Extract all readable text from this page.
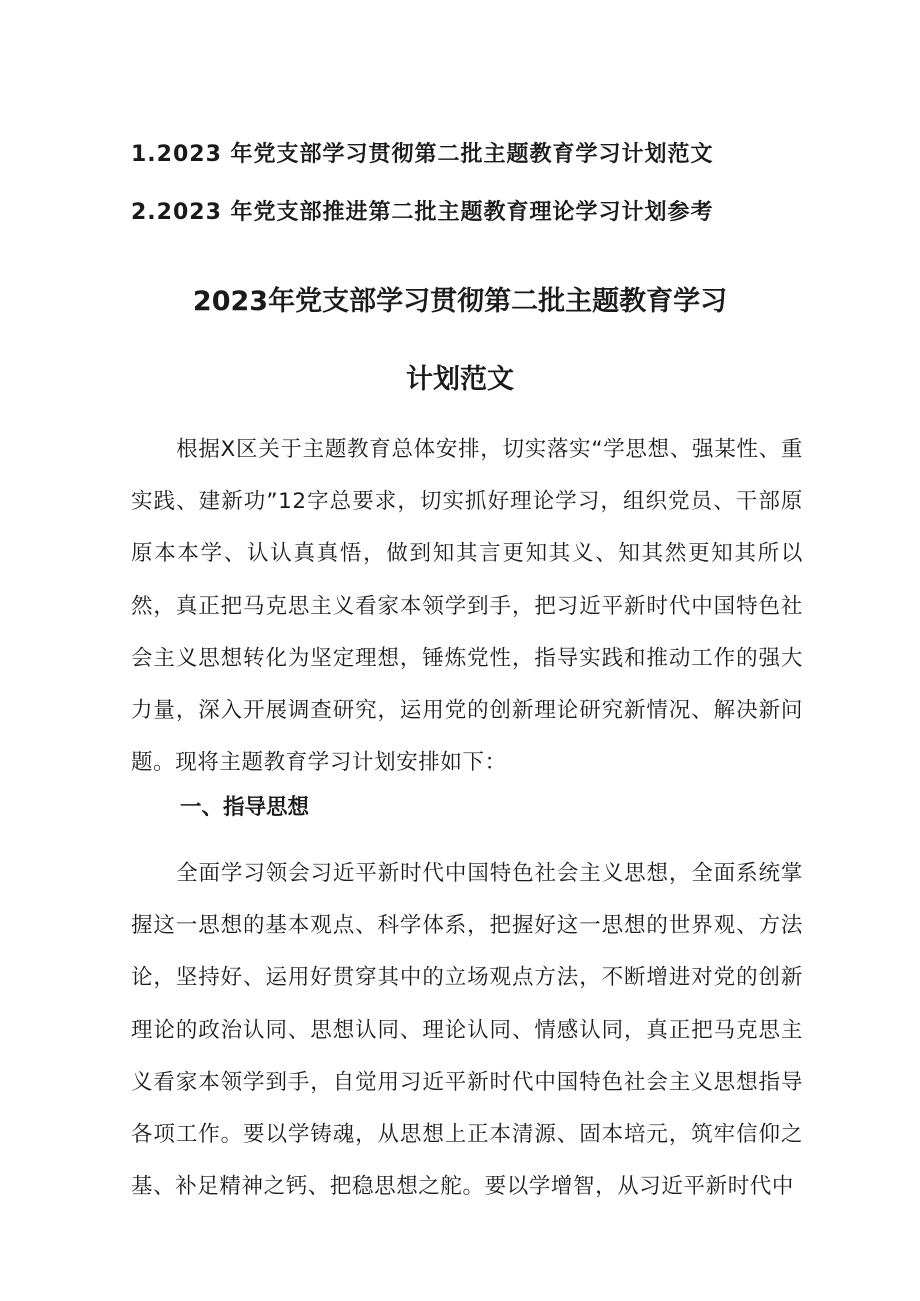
1.2023 年党支部学习贯彻第二批主题教育学习计划范文
2.2023 年党支部推进第二批主题教育理论学习计划参考
2023年党支部学习贯彻第二批主题教育学习
计划范文

根据X区关于主题教育总体安排，切实落实“学思想、强某性、重实践、建新功”12字总要求，切实抓好理论学习，组织党员、干部原原本本学、认认真真悟，做到知其言更知其义、知其然更知其所以然，真正把马克思主义看家本领学到手，把习近平新时代中国特色社会主义思想转化为坚定理想，锤炼党性，指导实践和推动工作的强大力量，深入开展调查研究，运用党的创新理论研究新情况、解决新问题。现将主题教育学习计划安排如下：

一、指导思想

全面学习领会习近平新时代中国特色社会主义思想，全面系统掌握这一思想的基本观点、科学体系，把握好这一思想的世界观、方法论，坚持好、运用好贯穿其中的立场观点方法，不断增进对党的创新理论的政治认同、思想认同、理论认同、情感认同，真正把马克思主义看家本领学到手，自觉用习近平新时代中国特色社会主义思想指导各项工作。要以学铸魂，从思想上正本清源、固本培元，筑牢信仰之基、补足精神之钙、把稳思想之舵。要以学增智，从习近平新时代中
